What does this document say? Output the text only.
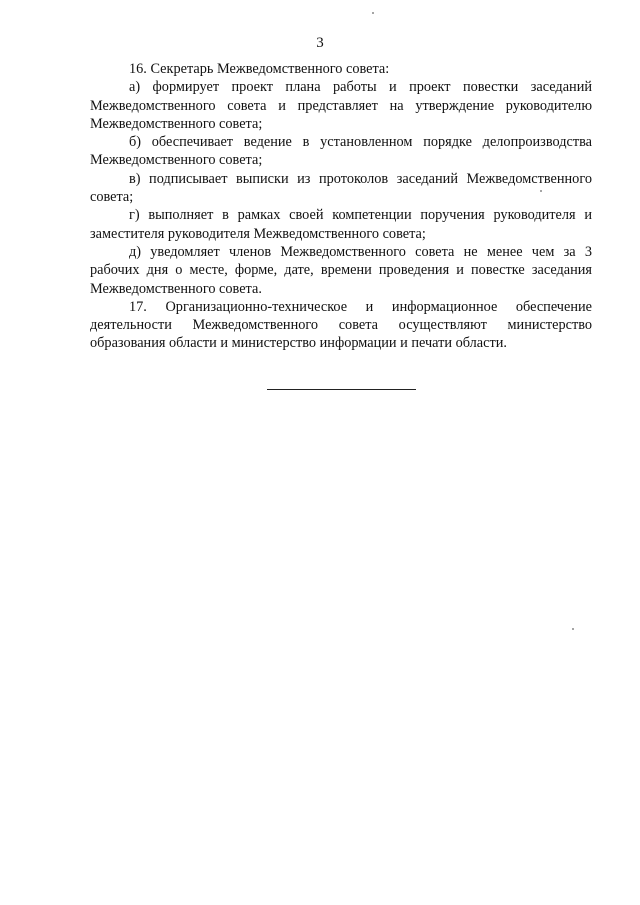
3

16. Секретарь Межведомственного совета:

а) формирует проект плана работы и проект повестки заседаний Межведомственного совета и представляет на утверждение руководителю Межведомственного совета;

б) обеспечивает ведение в установленном порядке делопроизводства Межведомственного совета;

в) подписывает выписки из протоколов заседаний Межведомственного совета;

г) выполняет в рамках своей компетенции поручения руководителя и заместителя руководителя Межведомственного совета;

д) уведомляет членов Межведомственного совета не менее чем за 3 рабочих дня о месте, форме, дате, времени проведения и повестке заседания Межведомственного совета.

17. Организационно-техническое и информационное обеспечение деятельности Межведомственного совета осуществляют министерство образования области и министерство информации и печати области.
